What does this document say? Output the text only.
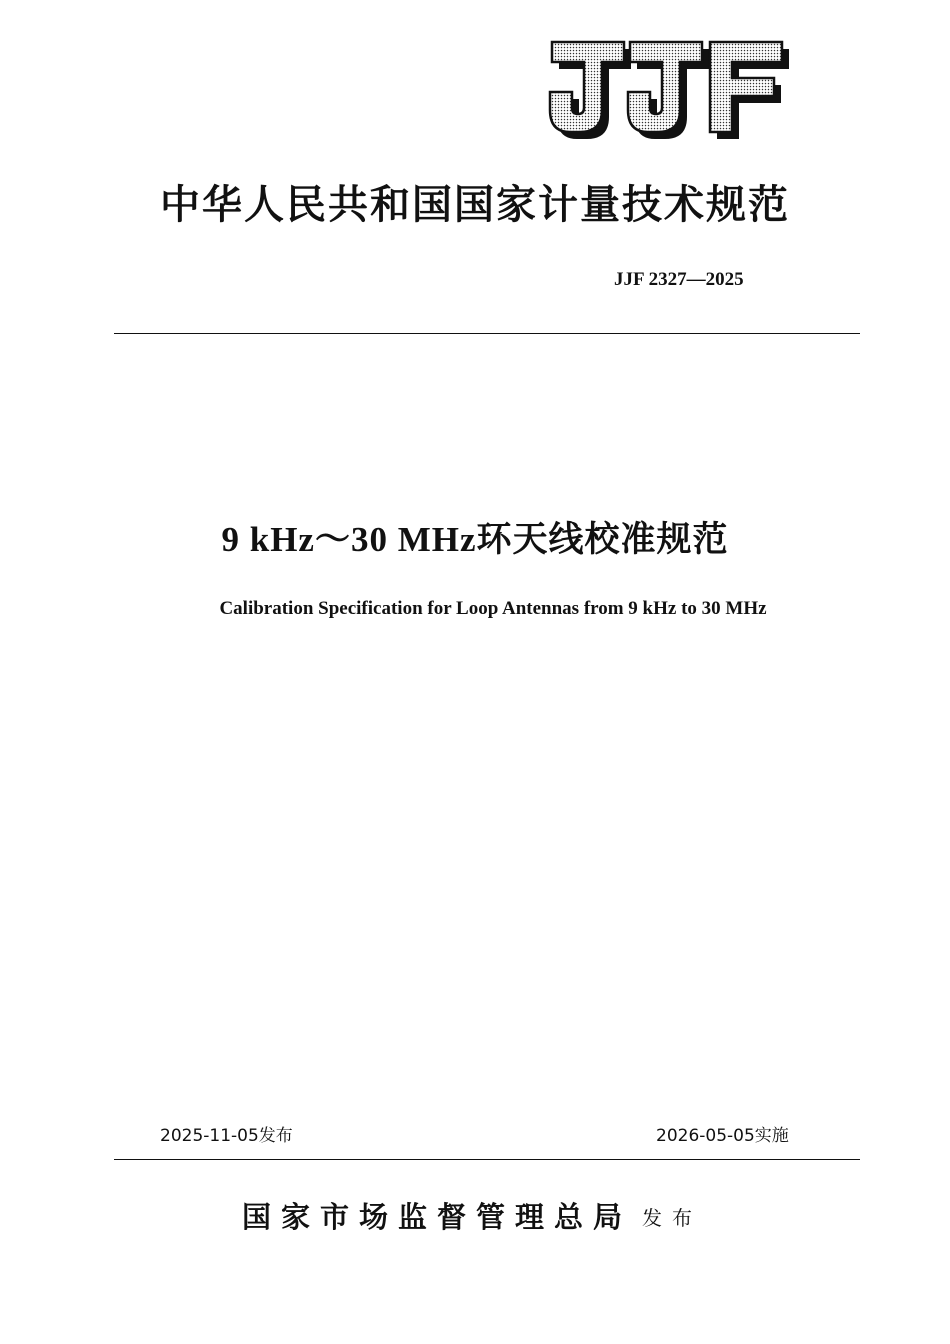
中华人民共和国国家计量技术规范
JJF 2327—2025
9 kHz～30 MHz环天线校准规范
Calibration Specification for Loop Antennas from 9 kHz to 30 MHz
2025-11-05发布	2026-05-05实施
国家市场监督管理总局 发布
